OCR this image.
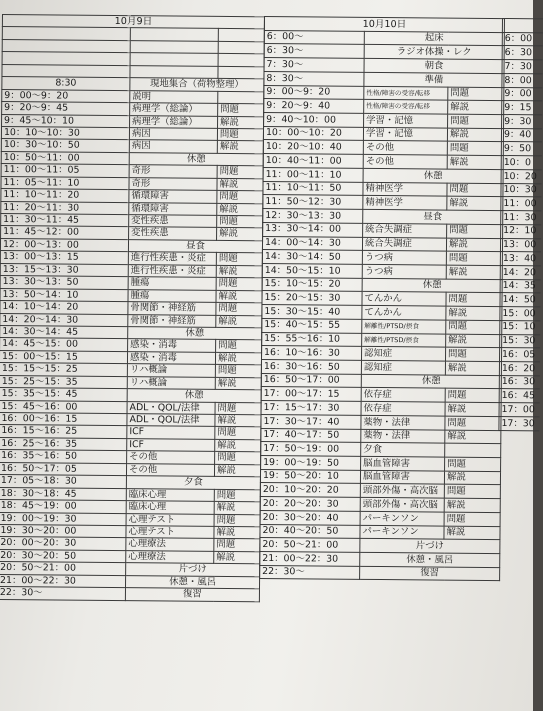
10月9日		

8:30	現地集合（荷物整理）	
9：00〜9：20	説明	
9：20〜9：45	病理学（総論）	問題
9：45〜10：10	病理学（総論）	解説
10：10〜10：30	病因	問題
10：30〜10：50	病因	解説
10：50〜11：00	休憩	
11：00〜11：05	奇形	問題
11：05〜11：10	奇形	解説
11：10〜11：20	循環障害	問題
11：20〜11：30	循環障害	解説
11：30〜11：45	変性疾患	問題
11：45〜12：00	変性疾患	解説
12：00〜13：00	昼食	
13：00〜13：15	進行性疾患・炎症	問題
13：15〜13：30	進行性疾患・炎症	解説
13：30〜13：50	腫瘍	問題
13：50〜14：10	腫瘍	解説
14：10〜14：20	骨関節・神経筋	問題
14：20〜14：30	骨関節・神経筋	解説
14：30〜14：45	休憩	
14：45〜15：00	感染・消毒	問題
15：00〜15：15	感染・消毒	解説
15：15〜15：25	リハ概論	問題
15：25〜15：35	リハ概論	解説
15：35〜15：45	休憩	
15：45〜16：00	ADL・QOL/法律	問題
16：00〜16：15	ADL・QOL/法律	解説
16：15〜16：25	ICF	問題
16：25〜16：35	ICF	解説
16：35〜16：50	その他	問題
16：50〜17：05	その他	解説
17：05〜18：30	夕食	
18：30〜18：45	臨床心理	問題
18：45〜19：00	臨床心理	解説
19：00〜19：30	心理テスト	問題
19：30〜20：00	心理テスト	解説
20：00〜20：30	心理療法	問題
20：30〜20：50	心理療法	解説
20：50〜21：00	片づけ	
21：00〜22：30	休憩・風呂	
22：30〜	復習	
10月10日		
6：00〜	起床	
6：30〜	ラジオ体操・レク	
7：30〜	朝食	
8：30〜	準備	
9：00〜9：20	性格/障害の受容/転移	問題
9：20〜9：40	性格/障害の受容/転移	解説
9：40〜10：00	学習・記憶	問題
10：00〜10：20	学習・記憶	解説
10：20〜10：40	その他	問題
10：40〜11：00	その他	解説
11：00〜11：10	休憩	
11：10〜11：50	精神医学	問題
11：50〜12：30	精神医学	解説
12：30〜13：30	昼食	
13：30〜14：00	統合失調症	問題
14：00〜14：30	統合失調症	解説
14：30〜14：50	うつ病	問題
14：50〜15：10	うつ病	解説
15：10〜15：20	休憩	
15：20〜15：30	てんかん	問題
15：30〜15：40	てんかん	解説
15：40〜15：55	解離性/PTSD/摂食	問題
15：55〜16：10	解離性/PTSD/摂食	解説
16：10〜16：30	認知症	問題
16：30〜16：50	認知症	解説
16：50〜17：00	休憩	
17：00〜17：15	依存症	問題
17：15〜17：30	依存症	解説
17：30〜17：40	薬物・法律	問題
17：40〜17：50	薬物・法律	解説
17：50〜19：00	夕食	
19：00〜19：50	脳血管障害	問題
19：50〜20：10	脳血管障害	解説
20：10〜20：20	頭部外傷・高次脳	問題
20：20〜20：30	頭部外傷・高次脳	解説
20：30〜20：40	パーキンソン	問題
20：40〜20：50	パーキンソン	解説
20：50〜21：00	片づけ	
21：00〜22：30	休憩・風呂	
22：30〜	復習	

6：00
6：30
7：30
8：00
9：00
9：15
9：30
9：40
9：50
10：0
10：20
10：30
11：00
11：30
12：10
13：00
13：40
14：20
14：35
14：50
15：00
15：10
15：30
16：05
16：20
16：30
16：45
17：00
17：30
